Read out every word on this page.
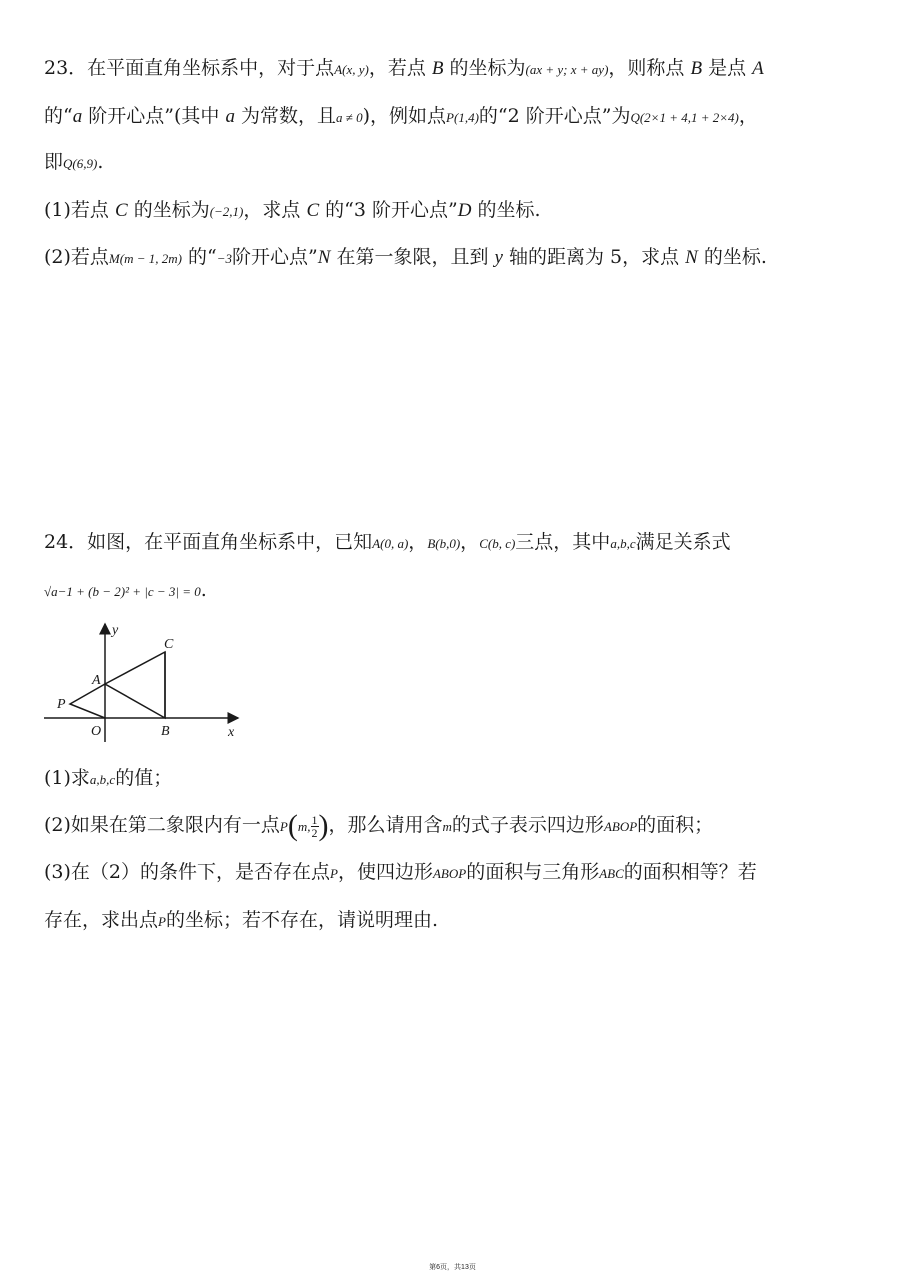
23．在平面直角坐标系中，对于点A(x, y)，若点 B 的坐标为(ax + y; x + ay)，则称点 B 是点 A
的“a 阶开心点”(其中 a 为常数，且a ≠ 0)，例如点P(1,4)的“2 阶开心点”为Q(2×1 + 4,1 + 2×4)，
即Q(6,9).
(1)若点 C 的坐标为(−2,1)，求点 C 的“3 阶开心点”D 的坐标.
(2)若点M(m − 1, 2m) 的“−3阶开心点”N 在第一象限，且到 y 轴的距离为 5，求点 N 的坐标.
24．如图，在平面直角坐标系中，已知A(0, a)，B(b,0)，C(b, c)三点，其中a,b,c满足关系式
√a−1 + (b − 2)² + |c − 3| = 0.
y
x
C
A
P
O	B
(1)求a,b,c的值；
(2)如果在第二象限内有一点P(m, $\frac{1}{2}$ )，那么请用含m的式子表示四边形ABOP的面积；
(3)在（2）的条件下，是否存在点P，使四边形ABOP的面积与三角形ABC的面积相等？若
存在，求出点P的坐标；若不存在，请说明理由.
第6页，共13页
